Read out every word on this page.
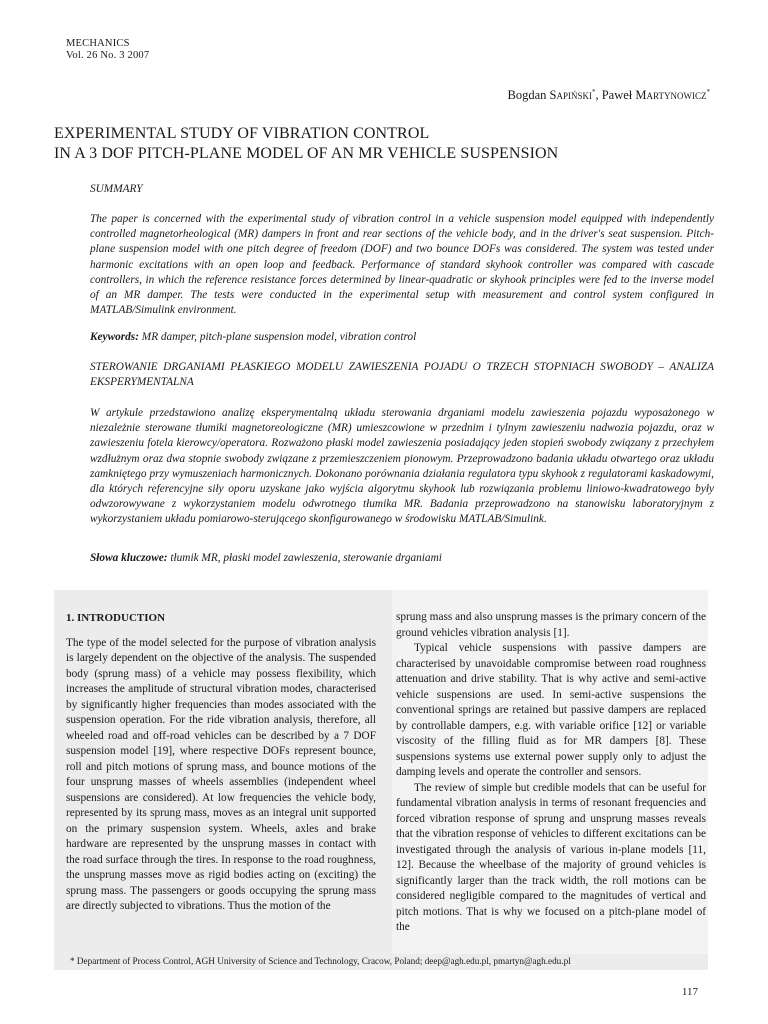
MECHANICS
Vol. 26 No. 3 2007
Bogdan Sapiński*, Paweł Martynowicz*
EXPERIMENTAL STUDY OF VIBRATION CONTROL
IN A 3 DOF PITCH-PLANE MODEL OF AN MR VEHICLE SUSPENSION
SUMMARY
The paper is concerned with the experimental study of vibration control in a vehicle suspension model equipped with independently controlled magnetorheological (MR) dampers in front and rear sections of the vehicle body, and in the driver's seat suspension. Pitch-plane suspension model with one pitch degree of freedom (DOF) and two bounce DOFs was considered. The system was tested under harmonic excitations with an open loop and feedback. Performance of standard skyhook controller was compared with cascade controllers, in which the reference resistance forces determined by linear-quadratic or skyhook principles were fed to the inverse model of an MR damper. The tests were conducted in the experimental setup with measurement and control system configured in MATLAB/Simulink environment.
Keywords: MR damper, pitch-plane suspension model, vibration control
STEROWANIE DRGANIAMI PŁASKIEGO MODELU ZAWIESZENIA POJADU O TRZECH STOPNIACH SWOBODY – ANALIZA EKSPERYMENTALNA
W artykule przedstawiono analizę eksperymentalną układu sterowania drganiami modelu zawieszenia pojazdu wyposażonego w niezależnie sterowane tłumiki magnetoreologiczne (MR) umieszcowione w przednim i tylnym zawieszeniu nadwozia pojazdu, oraz w zawieszeniu fotela kierowcy/operatora. Rozważono płaski model zawieszenia posiadający jeden stopień swobody związany z przechyłem wzdłużnym oraz dwa stopnie swobody związane z przemieszczeniem pionowym. Przeprowadzono badania układu otwartego oraz układu zamkniętego przy wymuszeniach harmonicznych. Dokonano porównania działania regulatora typu skyhook z regulatorami kaskadowymi, dla których referencyjne siły oporu uzyskane jako wyjścia algorytmu skyhook lub rozwiązania problemu liniowo-kwadratowego były odwzorowywane z wykorzystaniem modelu odwrotnego tłumika MR. Badania przeprowadzono na stanowisku laboratoryjnym z wykorzystaniem układu pomiarowo-sterującego skonfigurowanego w środowisku MATLAB/Simulink.
Słowa kluczowe: tłumik MR, płaski model zawieszenia, sterowanie drganiami

1. INTRODUCTION

The type of the model selected for the purpose of vibration analysis is largely dependent on the objective of the analysis. The suspended body (sprung mass) of a vehicle may possess flexibility, which increases the amplitude of structural vibration modes, characterised by significantly higher frequencies than modes associated with the suspension operation. For the ride vibration analysis, therefore, all wheeled road and off-road vehicles can be described by a 7 DOF suspension model [19], where respective DOFs represent bounce, roll and pitch motions of sprung mass, and bounce motions of the four unsprung masses of wheels assemblies (independent wheel suspensions are considered). At low frequencies the vehicle body, represented by its sprung mass, moves as an integral unit supported on the primary suspension system. Wheels, axles and brake hardware are represented by the unsprung masses in contact with the road surface through the tires. In response to the road roughness, the unsprung masses move as rigid bodies acting on (exciting) the sprung mass. The passengers or goods occupying the sprung mass are directly subjected to vibrations. Thus the motion of the

sprung mass and also unsprung masses is the primary concern of the ground vehicles vibration analysis [1].

Typical vehicle suspensions with passive dampers are characterised by unavoidable compromise between road roughness attenuation and drive stability. That is why active and semi-active vehicle suspensions are used. In semi-active suspensions the conventional springs are retained but passive dampers are replaced by controllable dampers, e.g. with variable orifice [12] or variable viscosity of the filling fluid as for MR dampers [8]. These suspensions systems use external power supply only to adjust the damping levels and operate the controller and sensors.

The review of simple but credible models that can be useful for fundamental vibration analysis in terms of resonant frequencies and forced vibration response of sprung and unsprung masses reveals that the vibration response of vehicles to different excitations can be investigated through the analysis of various in-plane models [11, 12]. Because the wheelbase of the majority of ground vehicles is significantly larger than the track width, the roll motions can be considered negligible compared to the magnitudes of vertical and pitch motions. That is why we focused on a pitch-plane model of the

* Department of Process Control, AGH University of Science and Technology, Cracow, Poland; deep@agh.edu.pl, pmartyn@agh.edu.pl
117
